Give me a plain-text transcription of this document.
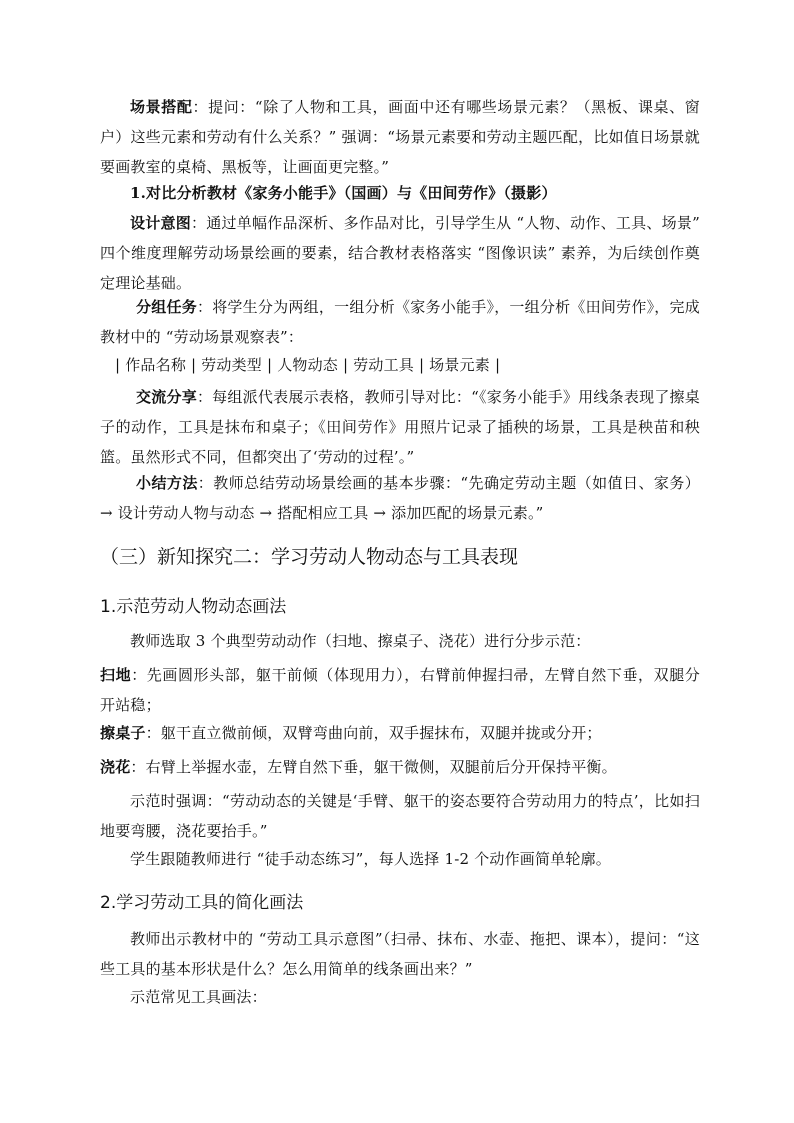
场景搭配：提问：“除了人物和工具，画面中还有哪些场景元素？（黑板、课桌、窗户）这些元素和劳动有什么关系？” 强调：“场景元素要和劳动主题匹配，比如值日场景就要画教室的桌椅、黑板等，让画面更完整。”

1.对比分析教材《家务小能手》（国画）与《田间劳作》（摄影）

设计意图：通过单幅作品深析、多作品对比，引导学生从 “人物、动作、工具、场景” 四个维度理解劳动场景绘画的要素，结合教材表格落实 “图像识读” 素养，为后续创作奠定理论基础。

分组任务：将学生分为两组，一组分析《家务小能手》，一组分析《田间劳作》，完成教材中的 “劳动场景观察表”：

| 作品名称 | 劳动类型 | 人物动态 | 劳动工具 | 场景元素 |

交流分享：每组派代表展示表格，教师引导对比：“《家务小能手》用线条表现了擦桌子的动作，工具是抹布和桌子；《田间劳作》用照片记录了插秧的场景，工具是秧苗和秧篮。虽然形式不同，但都突出了‘劳动的过程’。”

小结方法：教师总结劳动场景绘画的基本步骤：“先确定劳动主题（如值日、家务）→ 设计劳动人物与动态 → 搭配相应工具 → 添加匹配的场景元素。”

（三）新知探究二：学习劳动人物动态与工具表现
1.示范劳动人物动态画法

教师选取 3 个典型劳动动作（扫地、擦桌子、浇花）进行分步示范：

扫地：先画圆形头部，躯干前倾（体现用力），右臂前伸握扫帚，左臂自然下垂，双腿分开站稳；

擦桌子：躯干直立微前倾，双臂弯曲向前，双手握抹布，双腿并拢或分开；

浇花：右臂上举握水壶，左臂自然下垂，躯干微侧，双腿前后分开保持平衡。

示范时强调：“劳动动态的关键是‘手臂、躯干的姿态要符合劳动用力的特点’，比如扫地要弯腰，浇花要抬手。”

学生跟随教师进行 “徒手动态练习”，每人选择 1-2 个动作画简单轮廓。

2.学习劳动工具的简化画法

教师出示教材中的 “劳动工具示意图”（扫帚、抹布、水壶、拖把、课本），提问：“这些工具的基本形状是什么？怎么用简单的线条画出来？”

示范常见工具画法：
